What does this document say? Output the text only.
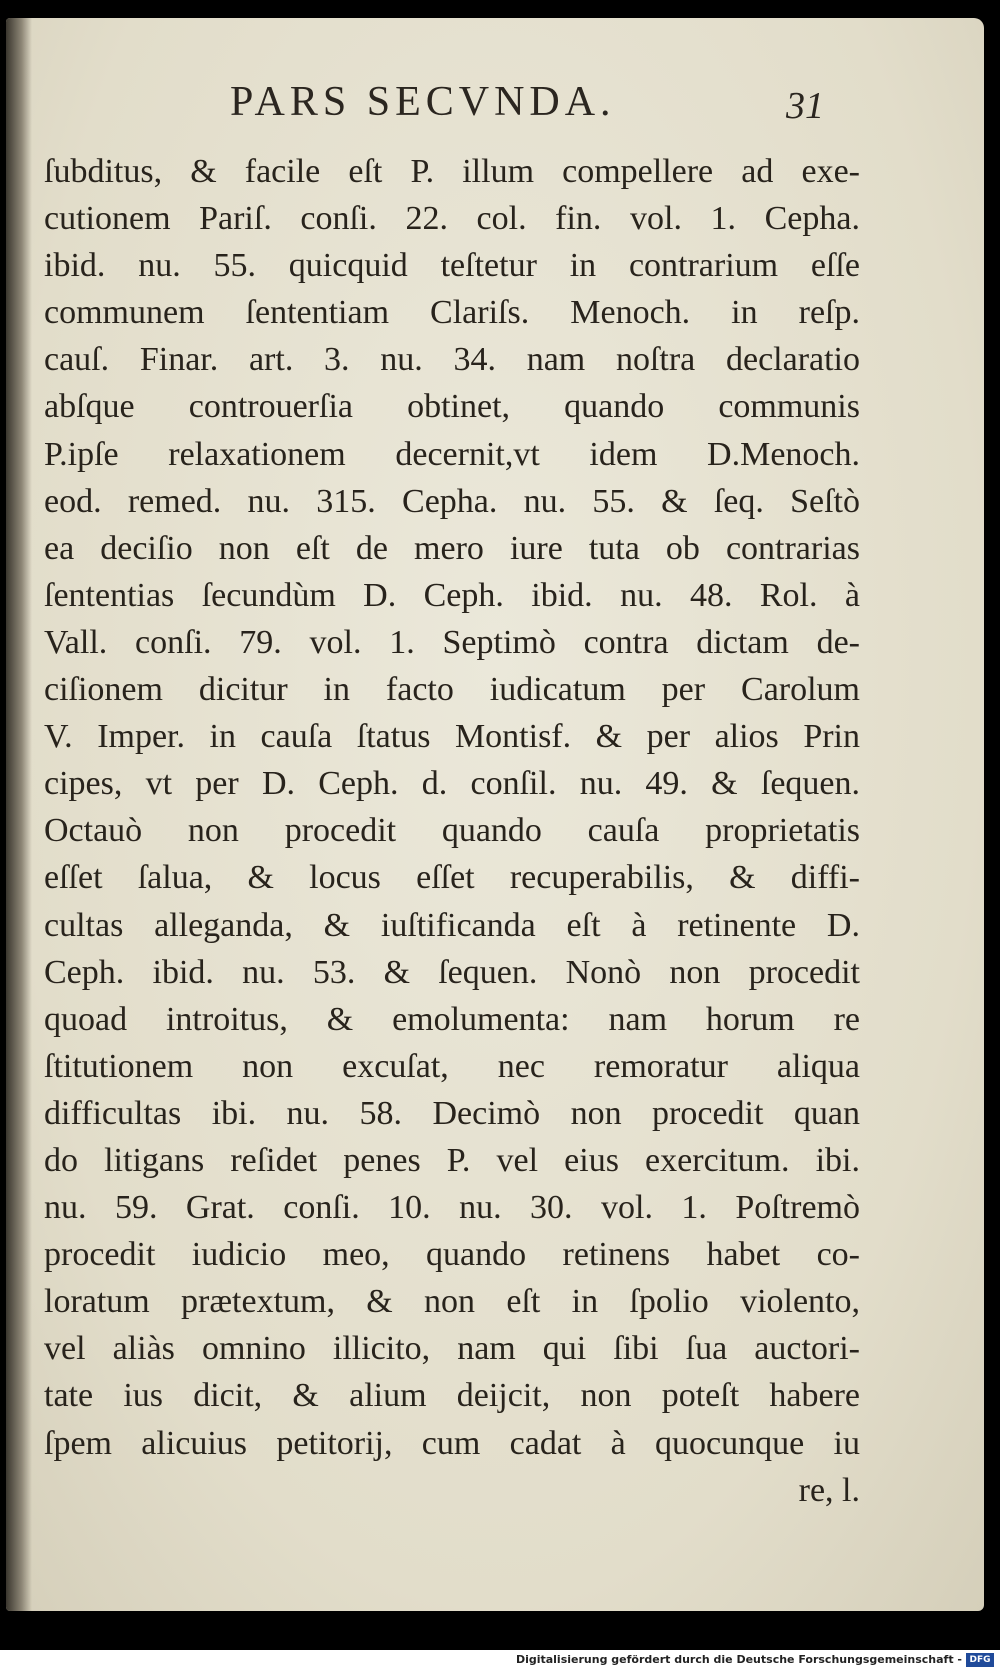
PARS SECVNDA.	31
ſubditus, & facile eſt P. illum compellere ad exe-
cutionem Pariſ. conſi. 22. col. fin. vol. 1. Cepha.
ibid. nu. 55. quicquid teſtetur in contrarium eſſe
communem ſententiam Clariſs. Menoch. in reſp.
cauſ. Finar. art. 3. nu. 34. nam noſtra declaratio
abſque controuerſia obtinet, quando communis
P.ipſe relaxationem decernit,vt idem D.Menoch.
eod. remed. nu. 315. Cepha. nu. 55. & ſeq. Seſtò
ea deciſio non eſt de mero iure tuta ob contrarias
ſententias ſecundùm D. Ceph. ibid. nu. 48. Rol. à
Vall. conſi. 79. vol. 1. Septimò contra dictam de-
ciſionem dicitur in facto iudicatum per Carolum
V. Imper. in cauſa ſtatus Montisf. & per alios Prin
cipes, vt per D. Ceph. d. conſil. nu. 49. & ſequen.
Octauò non procedit quando cauſa proprietatis
eſſet ſalua, & locus eſſet recuperabilis, & diffi-
cultas alleganda, & iuſtificanda eſt à retinente D.
Ceph. ibid. nu. 53. & ſequen. Nonò non procedit
quoad introitus, & emolumenta: nam horum re
ſtitutionem non excuſat, nec remoratur aliqua
difficultas ibi. nu. 58. Decimò non procedit quan
do litigans reſidet penes P. vel eius exercitum. ibi.
nu. 59. Grat. conſi. 10. nu. 30. vol. 1. Poſtremò
procedit iudicio meo, quando retinens habet co-
loratum prætextum, & non eſt in ſpolio violento,
vel aliàs omnino illicito, nam qui ſibi ſua auctori-
tate ius dicit, & alium deijcit, non poteſt habere
ſpem alicuius petitorij, cum cadat à quocunque iu
re, l.
Digitalisierung gefördert durch die Deutsche Forschungsgemeinschaft - DFG
